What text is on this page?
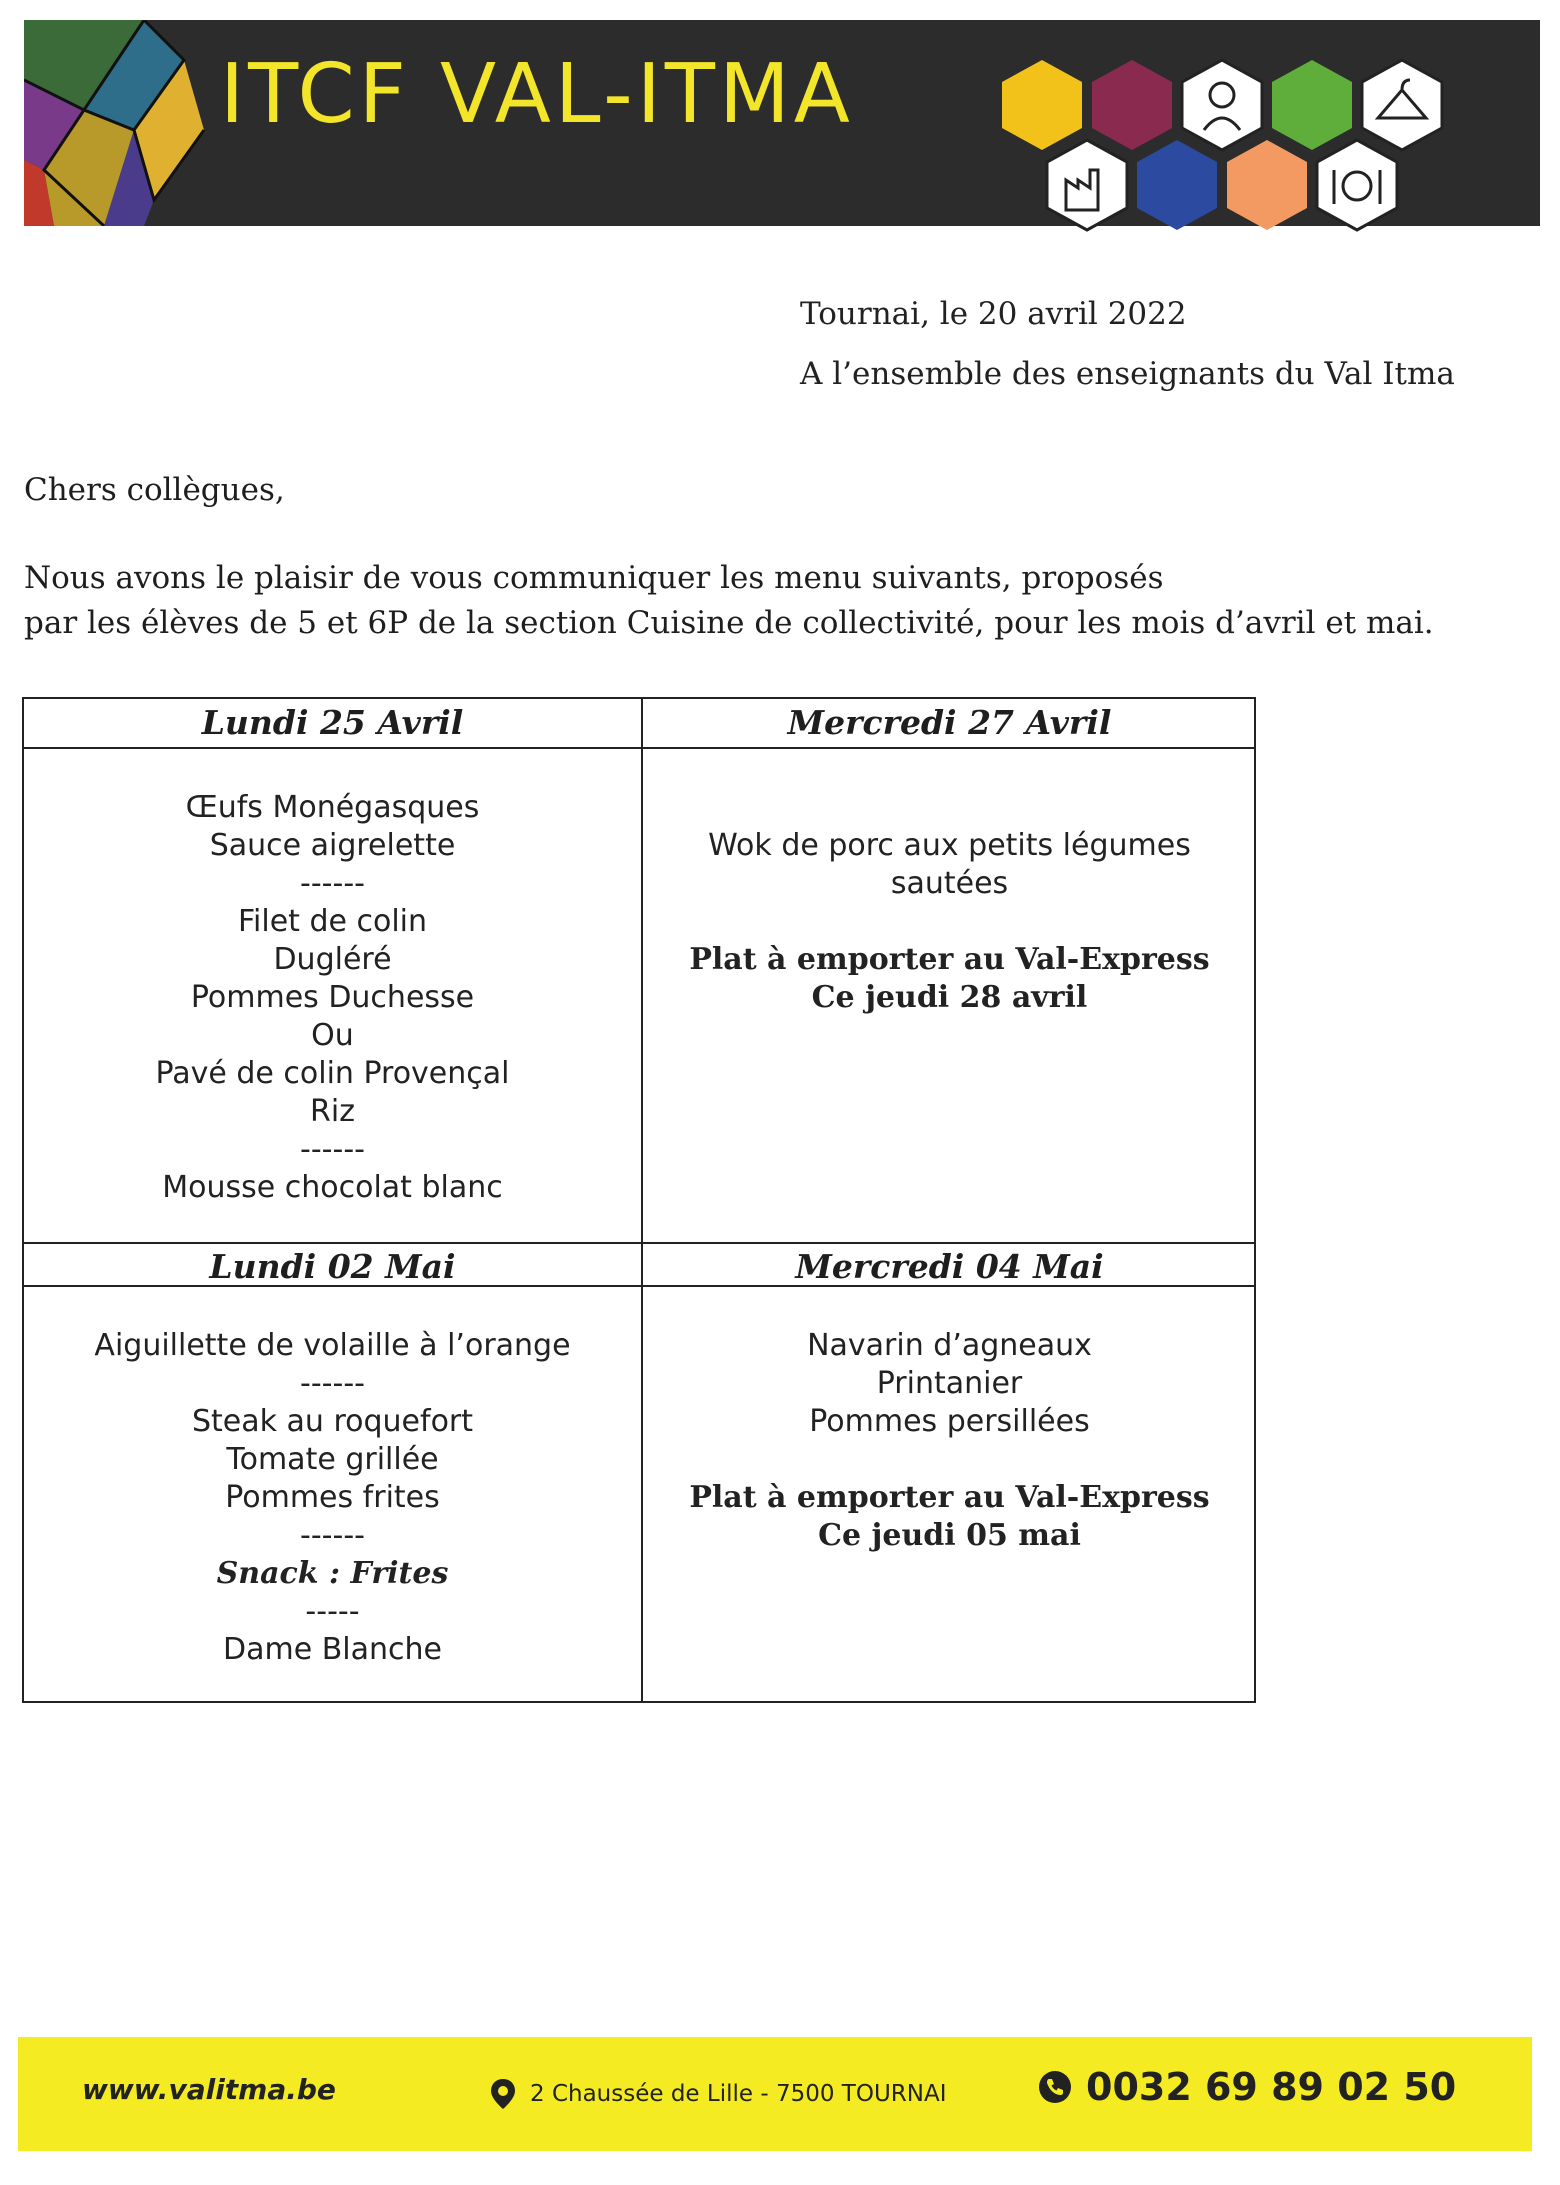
ITCF VAL-ITMA
Tournai, le 20 avril 2022
A l’ensemble des enseignants du Val Itma
Chers collègues,

Nous avons le plaisir de vous communiquer les menu suivants, proposés

par les élèves de 5 et 6P de la section Cuisine de collectivité, pour les mois d’avril et mai.

Lundi 25 Avril
Œufs Monégasques
Sauce aigrelette
------
Filet de colin
Dugléré
Pommes Duchesse
Ou
Pavé de colin Provençal
Riz
------
Mousse chocolat blanc
Mercredi 27 Avril
Wok de porc aux petits légumes
sautées
Plat à emporter au Val-Express
Ce jeudi 28 avril
Lundi 02 Mai
Aiguillette de volaille à l’orange
------
Steak au roquefort
Tomate grillée
Pommes frites
------
Snack : Frites
-----
Dame Blanche
Mercredi 04 Mai
Navarin d’agneaux
Printanier
Pommes persillées
Plat à emporter au Val-Express
Ce jeudi 05 mai
www.valitma.be	2 Chaussée de Lille - 7500 TOURNAI	0032 69 89 02 50
